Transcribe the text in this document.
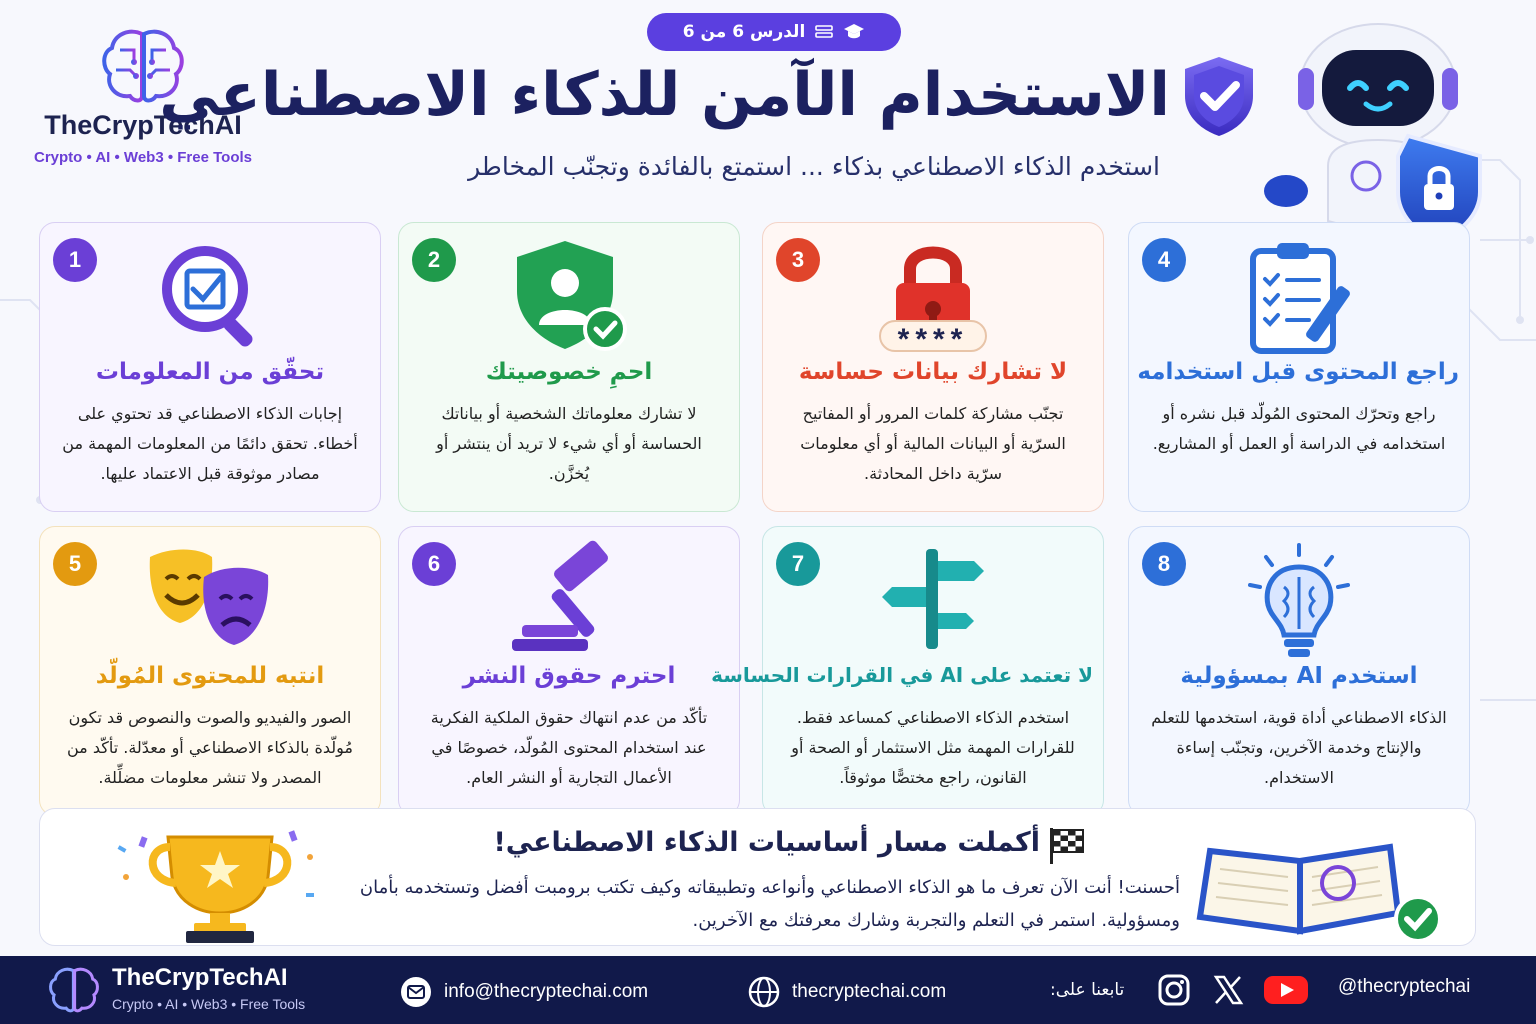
TheCrypTechAI
Crypto • AI • Web3 • Free Tools
الدرس 6 من 6
الاستخدام الآمن للذكاء الاصطناعي
استخدم الذكاء الاصطناعي بذكاء ... استمتع بالفائدة وتجنّب المخاطر
1
تحقّق من المعلومات
إجابات الذكاء الاصطناعي قد تحتوي على أخطاء. تحقق دائمًا من المعلومات المهمة من مصادر موثوقة قبل الاعتماد عليها.
2
احمِ خصوصيتك
لا تشارك معلوماتك الشخصية أو بياناتك الحساسة أو أي شيء لا تريد أن ينتشر أو يُخزَّن.
3
****
لا تشارك بيانات حساسة
تجنّب مشاركة كلمات المرور أو المفاتيح السرّية أو البيانات المالية أو أي معلومات سرّية داخل المحادثة.
4
راجع المحتوى قبل استخدامه
راجع وتحرّك المحتوى المُولّد قبل نشره أو استخدامه في الدراسة أو العمل أو المشاريع.
5
انتبه للمحتوى المُولّد
الصور والفيديو والصوت والنصوص قد تكون مُولّدة بالذكاء الاصطناعي أو معدّلة. تأكّد من المصدر ولا تنشر معلومات مضلِّلة.
6
احترم حقوق النشر
تأكّد من عدم انتهاك حقوق الملكية الفكرية عند استخدام المحتوى المُولّد، خصوصًا في الأعمال التجارية أو النشر العام.
7
لا تعتمد على AI في القرارات الحساسة
استخدم الذكاء الاصطناعي كمساعد فقط. للقرارات المهمة مثل الاستثمار أو الصحة أو القانون، راجع مختصًّا موثوقاً.
8
استخدم AI بمسؤولية
الذكاء الاصطناعي أداة قوية، استخدمها للتعلم والإنتاج وخدمة الآخرين، وتجنّب إساءة الاستخدام.
أكملت مسار أساسيات الذكاء الاصطناعي!
أحسنت! أنت الآن تعرف ما هو الذكاء الاصطناعي وأنواعه وتطبيقاته وكيف تكتب برومبت أفضل وتستخدمه بأمان ومسؤولية. استمر في التعلم والتجربة وشارك معرفتك مع الآخرين.
TheCrypTechAI
Crypto • AI • Web3 • Free Tools
info@thecryptechai.com	thecryptechai.com	تابعنا على:	@thecryptechai
